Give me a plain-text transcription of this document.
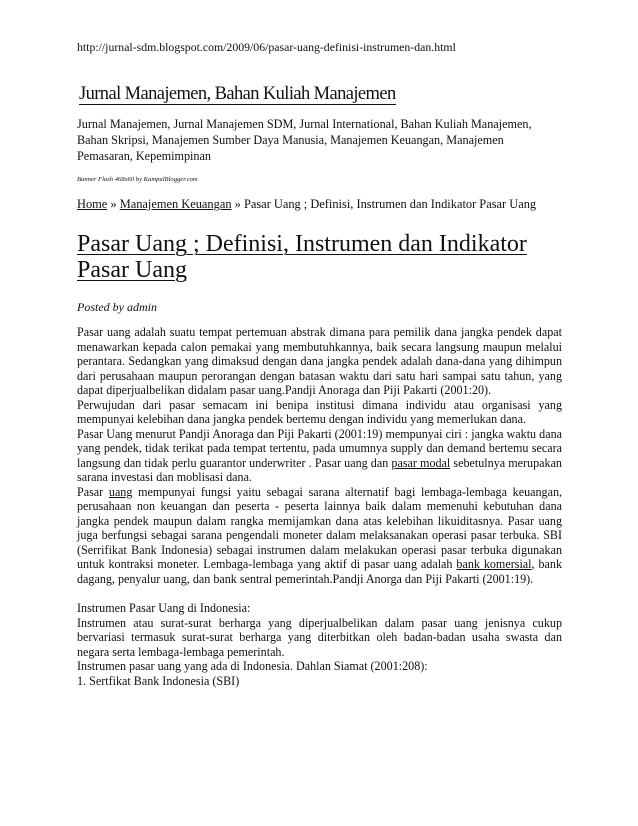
http://jurnal-sdm.blogspot.com/2009/06/pasar-uang-definisi-instrumen-dan.html
Jurnal Manajemen, Bahan Kuliah Manajemen
Jurnal Manajemen, Jurnal Manajemen SDM, Jurnal International, Bahan Kuliah Manajemen, Bahan Skripsi, Manajemen Sumber Daya Manusia, Manajemen Keuangan, Manajemen Pemasaran, Kepemimpinan
Banner Flash 468x60 by KampulBlogger.com
Home » Manajemen Keuangan » Pasar Uang ; Definisi, Instrumen dan Indikator Pasar Uang
Pasar Uang ; Definisi, Instrumen dan Indikator Pasar Uang
Posted by admin

Pasar uang adalah suatu tempat pertemuan abstrak dimana para pemilik dana jangka pendek dapat menawarkan kepada calon pemakai yang membutuhkannya, baik secara langsung maupun melalui perantara. Sedangkan yang dimaksud dengan dana jangka pendek adalah dana-dana yang dihimpun dari perusahaan maupun perorangan dengan batasan waktu dari satu hari sampai satu tahun, yang dapat diperjualbelikan didalam pasar uang.Pandji Anoraga dan Piji Pakarti (2001:20).

Perwujudan dari pasar semacam ini benipa institusi dimana individu atau organisasi yang mempunyai kelebihan dana jangka pendek bertemu dengan individu yang memerlukan dana.

Pasar Uang menurut Pandji Anoraga dan Piji Pakarti (2001:19) mempunyai ciri : jangka waktu dana yang pendek, tidak terikat pada tempat tertentu, pada umumnya supply dan demand bertemu secara langsung dan tidak perlu guarantor underwriter . Pasar uang dan pasar modal sebetulnya merupakan sarana investasi dan moblisasi dana.

Pasar uang mempunyai fungsi yaitu sebagai sarana alternatif bagi lembaga-lembaga keuangan, perusahaan non keuangan dan peserta - peserta lainnya baik dalam memenuhi kebutuhan dana jangka pendek maupun dalam rangka memijamkan dana atas kelebihan likuiditasnya. Pasar uang juga berfungsi sebagai sarana pengendali moneter dalam melaksanakan operasi pasar terbuka. SBI (Serrifikat Bank Indonesia) sebagai instrumen dalam melakukan operasi pasar terbuka digunakan untuk kontraksi moneter. Lembaga-lembaga yang aktif di pasar uang adalah bank komersial, bank dagang, penyalur uang, dan bank sentral pemerintah.Pandji Anorga dan Piji Pakarti (2001:19).

Instrumen Pasar Uang di Indonesia:

Instrumen atau surat-surat berharga yang diperjualbelikan dalam pasar uang jenisnya cukup bervariasi termasuk surat-surat berharga yang diterbitkan oleh badan-badan usaha swasta dan negara serta lembaga-lembaga pemerintah.

Instrumen pasar uang yang ada di Indonesia. Dahlan Siamat (2001:208):

1. Sertfikat Bank Indonesia (SBI)
